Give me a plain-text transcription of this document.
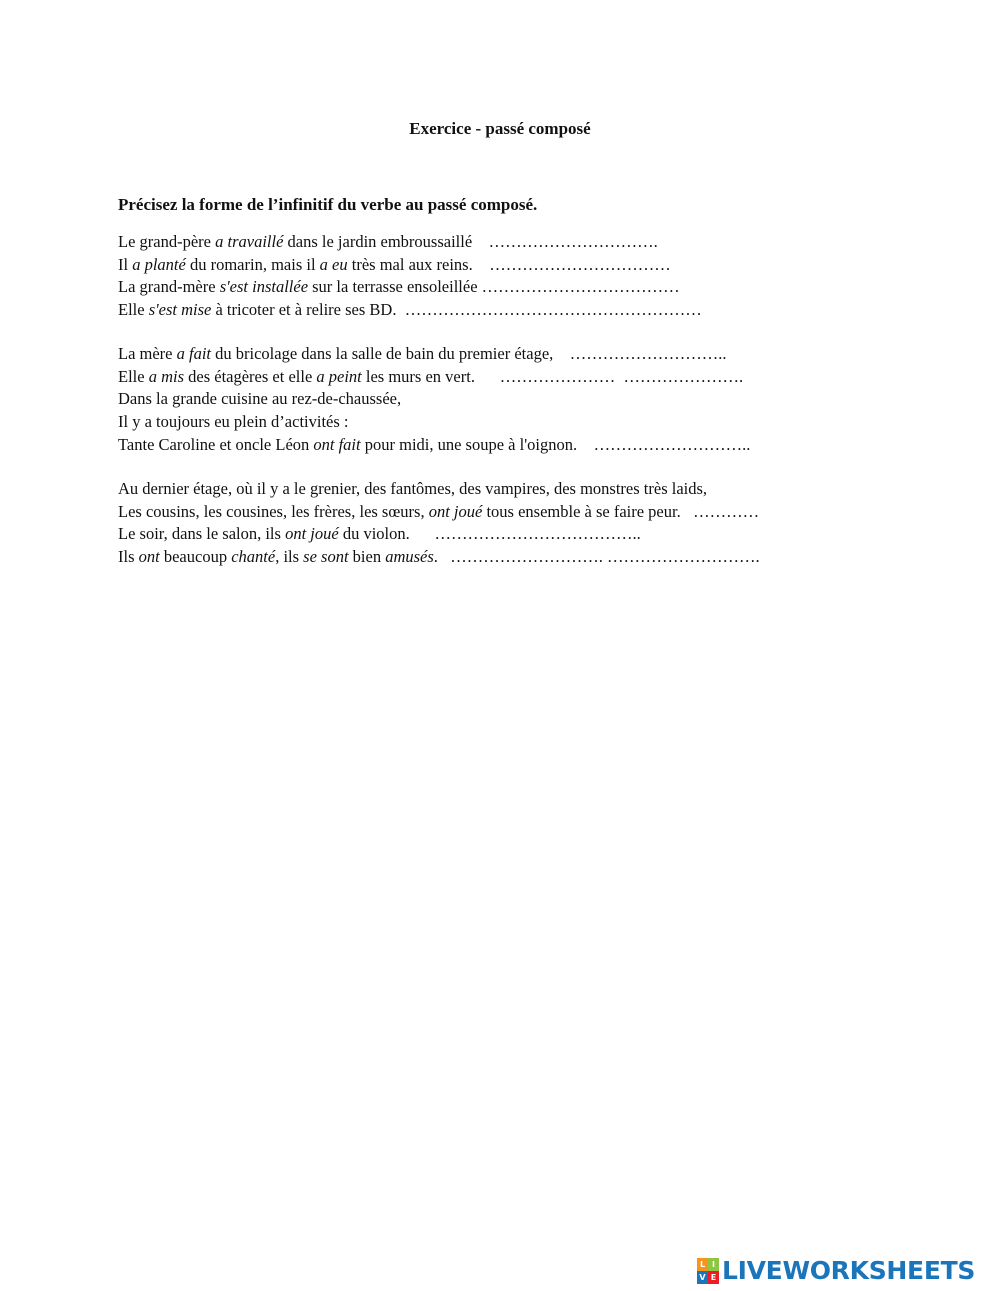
Exercice - passé composé
Précisez la forme de l’infinitif du verbe au passé composé.
Le grand-père a travaillé dans le jardin embroussaillé    ………………………….
Il a planté du romarin, mais il a eu très mal aux reins.    ……………………………
La grand-mère s'est installée sur la terrasse ensoleillée ………………………………
Elle s'est mise à tricoter et à relire ses BD.  ………………………………………………
La mère a fait du bricolage dans la salle de bain du premier étage,    ………………………..
Elle a mis des étagères et elle a peint les murs en vert.      …………………  ………………….
Dans la grande cuisine au rez-de-chaussée,
Il y a toujours eu plein d’activités :
Tante Caroline et oncle Léon ont fait pour midi, une soupe à l'oignon.    ………………………..
Au dernier étage, où il y a le grenier, des fantômes, des vampires, des monstres très laids,
Les cousins, les cousines, les frères, les sœurs, ont joué tous ensemble à se faire peur.   …………
Le soir, dans le salon, ils ont joué du violon.      ………………………………..
Ils ont beaucoup chanté, ils se sont bien amusés.   ………………………. ……………………….
L I
V E LIVEWORKSHEETS
